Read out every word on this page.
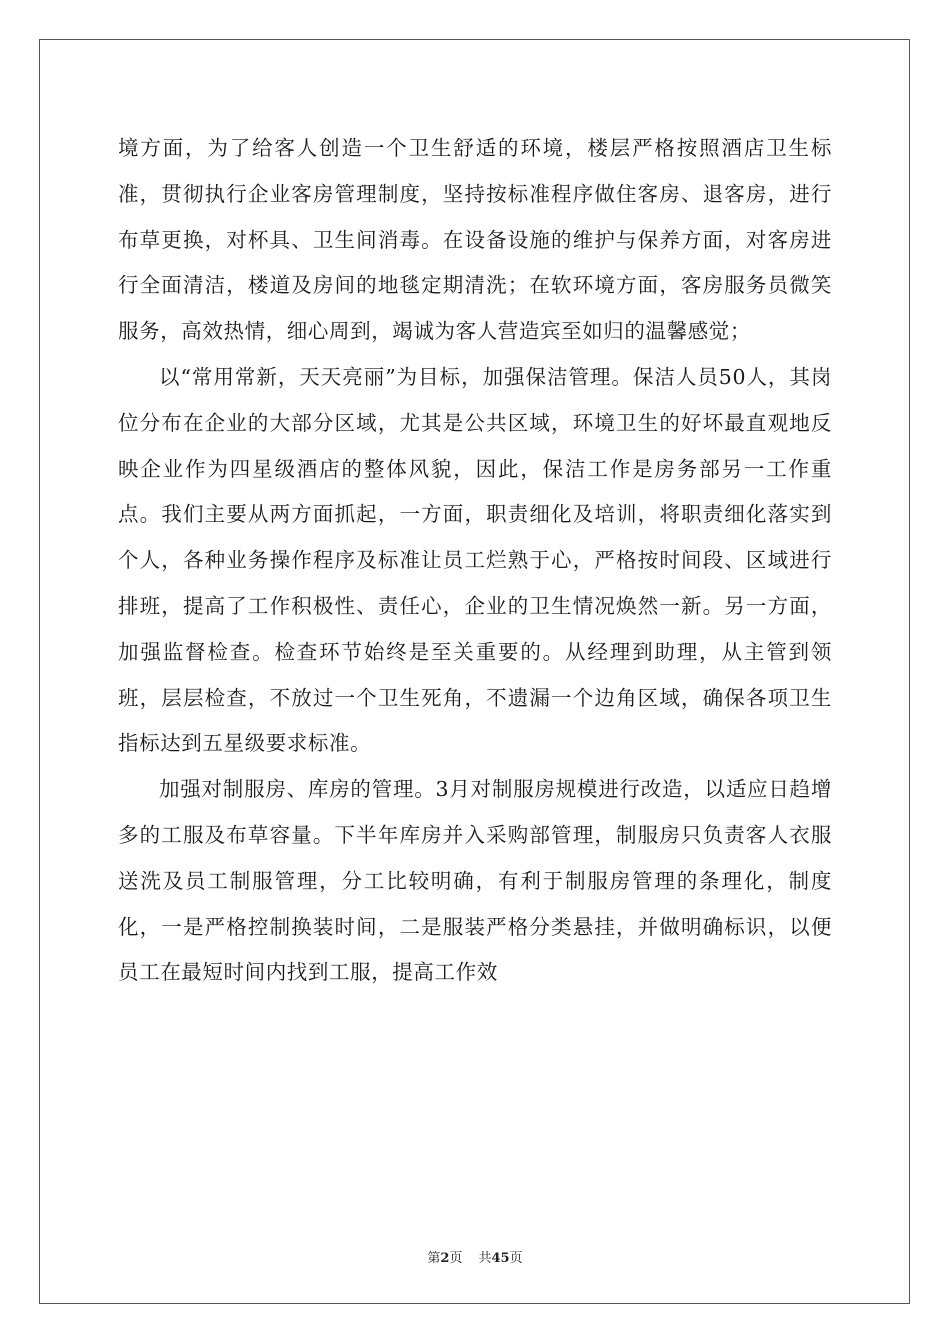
境方面，为了给客人创造一个卫生舒适的环境，楼层严格按照酒店卫生标准，贯彻执行企业客房管理制度，坚持按标准程序做住客房、退客房，进行布草更换，对杯具、卫生间消毒。在设备设施的维护与保养方面，对客房进行全面清洁，楼道及房间的地毯定期清洗；在软环境方面，客房服务员微笑服务，高效热情，细心周到，竭诚为客人营造宾至如归的温馨感觉；

以“常用常新，天天亮丽”为目标，加强保洁管理。保洁人员50人，其岗位分布在企业的大部分区域，尤其是公共区域，环境卫生的好坏最直观地反映企业作为四星级酒店的整体风貌，因此，保洁工作是房务部另一工作重点。我们主要从两方面抓起，一方面，职责细化及培训，将职责细化落实到个人，各种业务操作程序及标准让员工烂熟于心，严格按时间段、区域进行排班，提高了工作积极性、责任心，企业的卫生情况焕然一新。另一方面，加强监督检查。检查环节始终是至关重要的。从经理到助理，从主管到领班，层层检查，不放过一个卫生死角，不遗漏一个边角区域，确保各项卫生指标达到五星级要求标准。

加强对制服房、库房的管理。3月对制服房规模进行改造，以适应日趋增多的工服及布草容量。下半年库房并入采购部管理，制服房只负责客人衣服送洗及员工制服管理，分工比较明确，有利于制服房管理的条理化，制度化，一是严格控制换装时间，二是服装严格分类悬挂，并做明确标识，以便员工在最短时间内找到工服，提高工作效

第2页 共45页
